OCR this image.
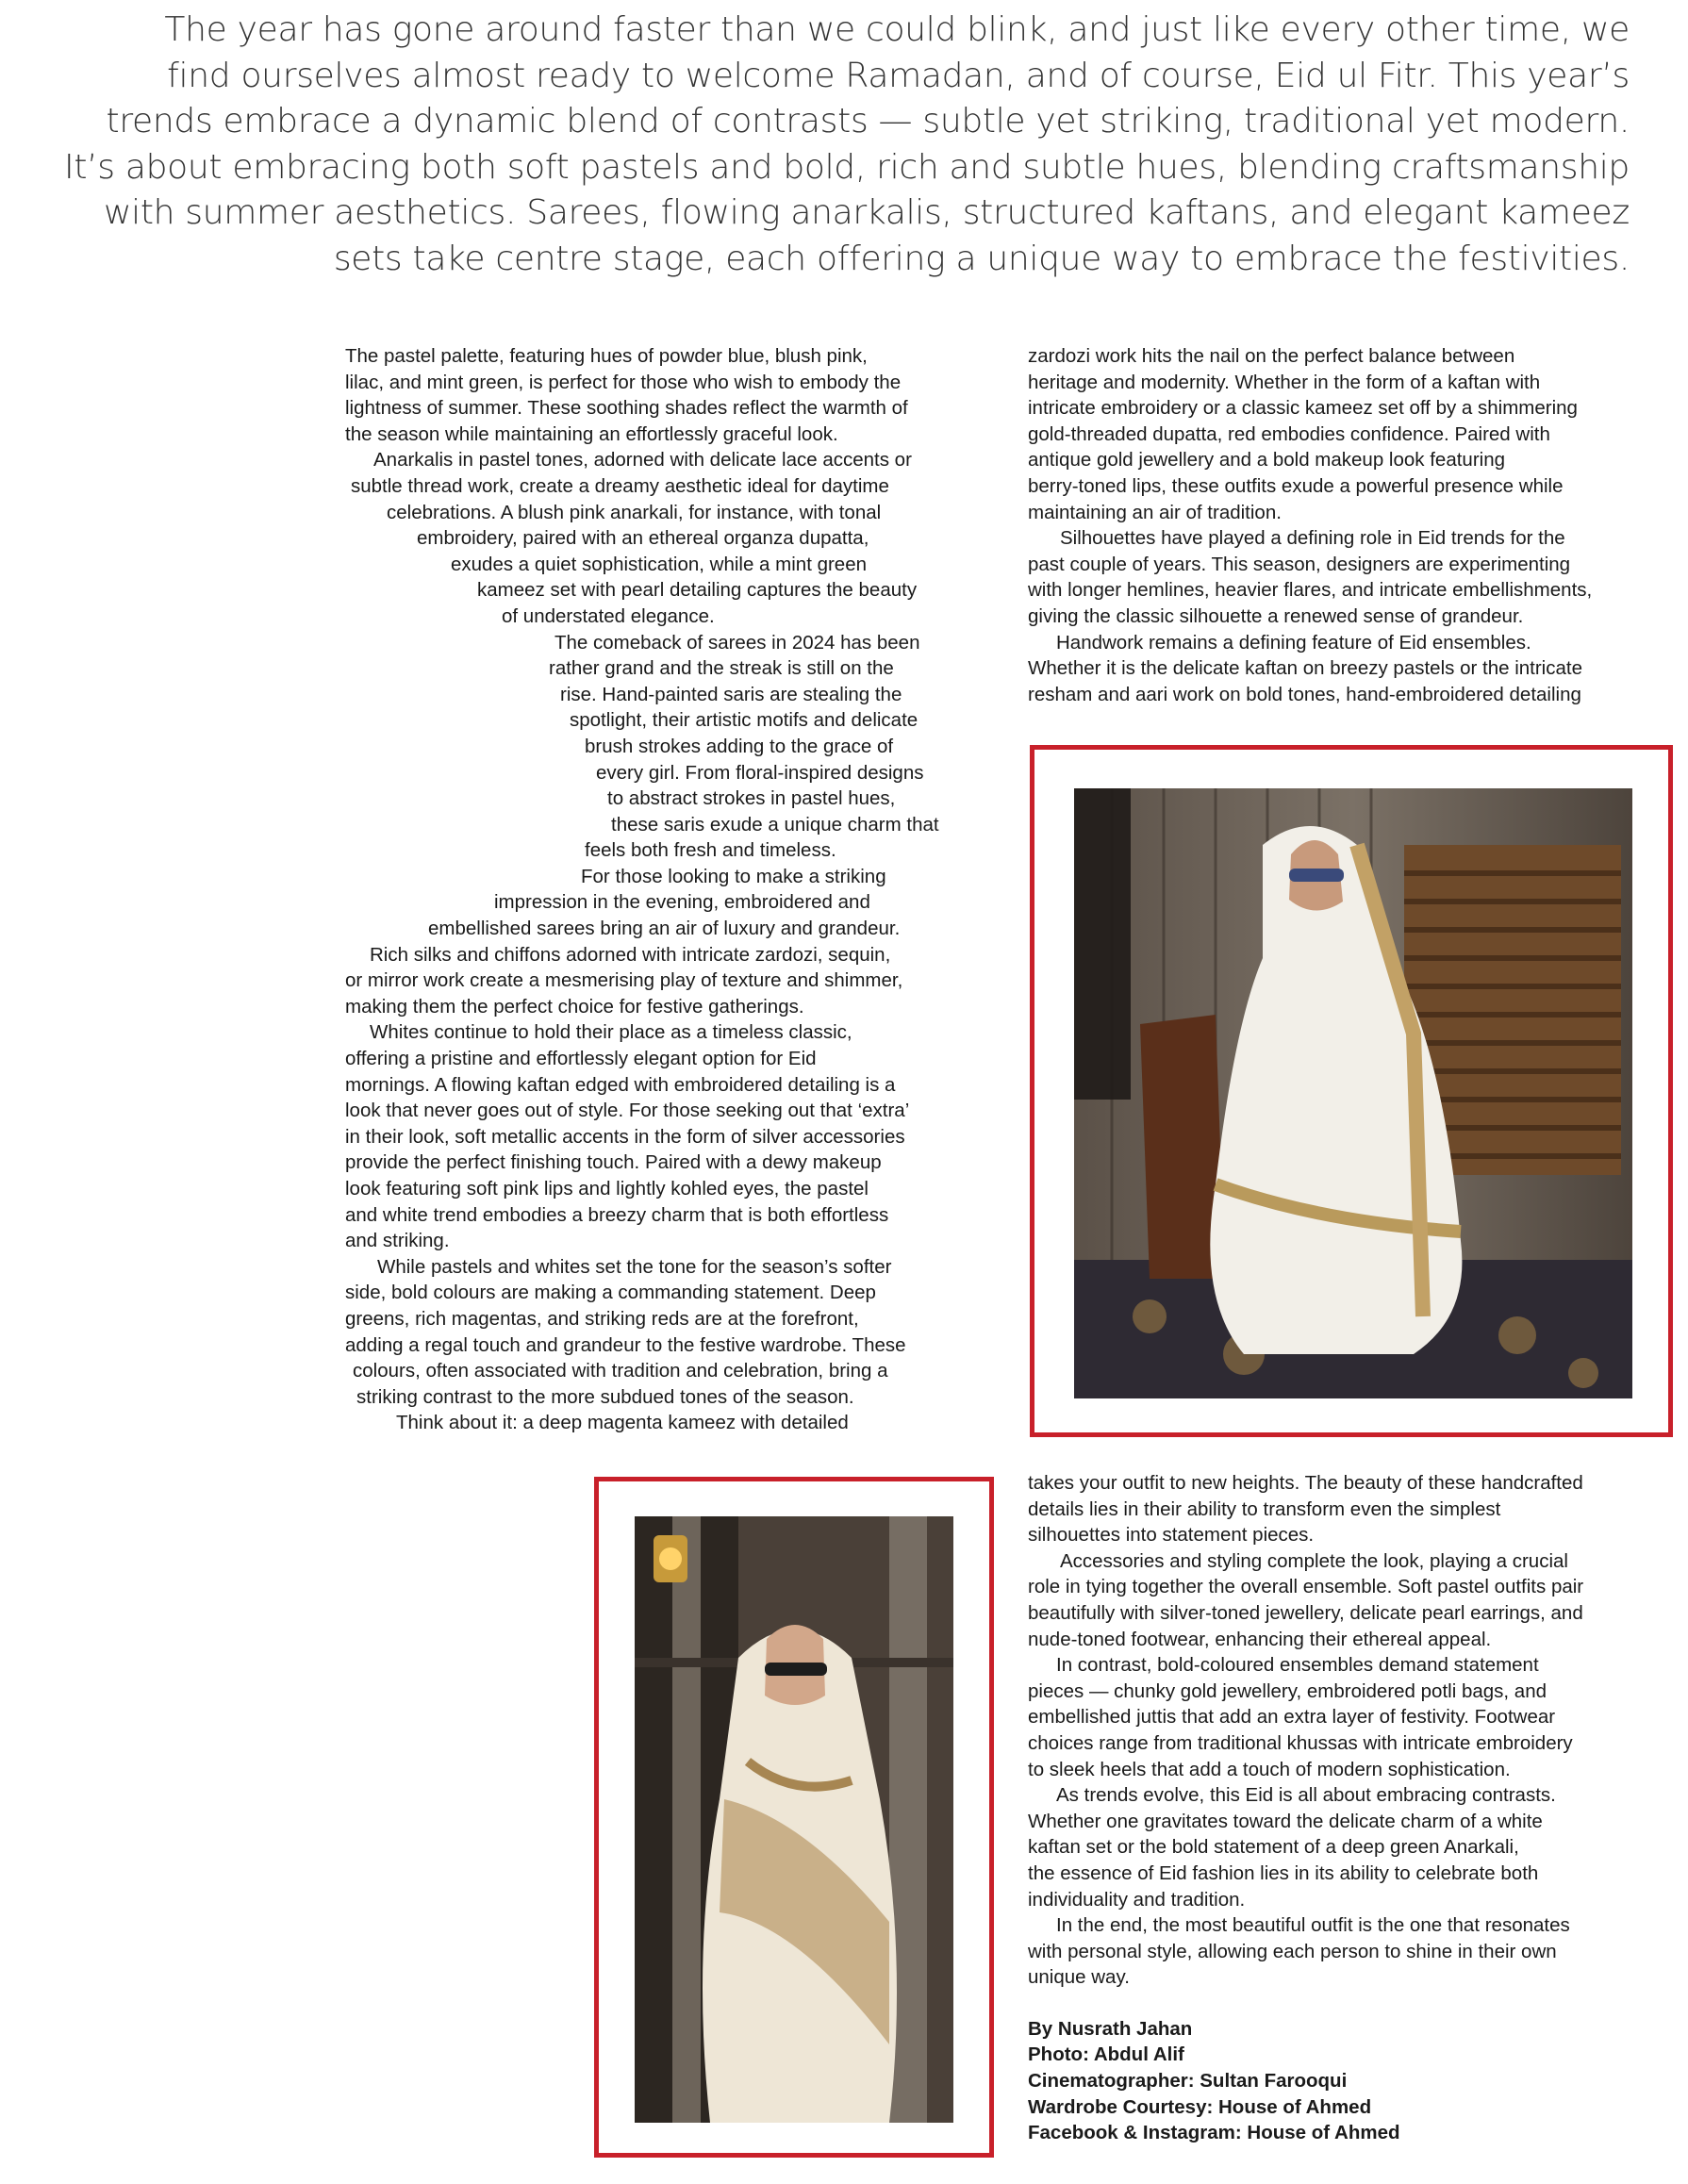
The year has gone around faster than we could blink, and just like every other time, we
find ourselves almost ready to welcome Ramadan, and of course, Eid ul Fitr. This year’s
trends embrace a dynamic blend of contrasts — subtle yet striking, traditional yet modern.
It’s about embracing both soft pastels and bold, rich and subtle hues, blending craftsmanship
with summer aesthetics. Sarees, flowing anarkalis, structured kaftans, and elegant kameez
sets take centre stage, each offering a unique way to embrace the festivities.
The pastel palette, featuring hues of powder blue, blush pink,
lilac, and mint green, is perfect for those who wish to embody the
lightness of summer. These soothing shades reflect the warmth of
the season while maintaining an effortlessly graceful look.
Anarkalis in pastel tones, adorned with delicate lace accents or
subtle thread work, create a dreamy aesthetic ideal for daytime
celebrations. A blush pink anarkali, for instance, with tonal
embroidery, paired with an ethereal organza dupatta,
exudes a quiet sophistication, while a mint green
kameez set with pearl detailing captures the beauty
of understated elegance.
The comeback of sarees in 2024 has been
rather grand and the streak is still on the
rise. Hand-painted saris are stealing the
spotlight, their artistic motifs and delicate
brush strokes adding to the grace of
every girl. From floral-inspired designs
to abstract strokes in pastel hues,
these saris exude a unique charm that
feels both fresh and timeless.
For those looking to make a striking
impression in the evening, embroidered and
embellished sarees bring an air of luxury and grandeur.
Rich silks and chiffons adorned with intricate zardozi, sequin,
or mirror work create a mesmerising play of texture and shimmer,
making them the perfect choice for festive gatherings.
Whites continue to hold their place as a timeless classic,
offering a pristine and effortlessly elegant option for Eid
mornings. A flowing kaftan edged with embroidered detailing is a
look that never goes out of style. For those seeking out that ‘extra’
in their look, soft metallic accents in the form of silver accessories
provide the perfect finishing touch. Paired with a dewy makeup
look featuring soft pink lips and lightly kohled eyes, the pastel
and white trend embodies a breezy charm that is both effortless
and striking.
While pastels and whites set the tone for the season’s softer
side, bold colours are making a commanding statement. Deep
greens, rich magentas, and striking reds are at the forefront,
adding a regal touch and grandeur to the festive wardrobe. These
colours, often associated with tradition and celebration, bring a
striking contrast to the more subdued tones of the season.
Think about it: a deep magenta kameez with detailed
zardozi work hits the nail on the perfect balance between
heritage and modernity. Whether in the form of a kaftan with
intricate embroidery or a classic kameez set off by a shimmering
gold-threaded dupatta, red embodies confidence. Paired with
antique gold jewellery and a bold makeup look featuring
berry-toned lips, these outfits exude a powerful presence while
maintaining an air of tradition.
Silhouettes have played a defining role in Eid trends for the
past couple of years. This season, designers are experimenting
with longer hemlines, heavier flares, and intricate embellishments,
giving the classic silhouette a renewed sense of grandeur.
Handwork remains a defining feature of Eid ensembles.
Whether it is the delicate kaftan on breezy pastels or the intricate
resham and aari work on bold tones, hand-embroidered detailing
takes your outfit to new heights. The beauty of these handcrafted
details lies in their ability to transform even the simplest
silhouettes into statement pieces.
Accessories and styling complete the look, playing a crucial
role in tying together the overall ensemble. Soft pastel outfits pair
beautifully with silver-toned jewellery, delicate pearl earrings, and
nude-toned footwear, enhancing their ethereal appeal.
In contrast, bold-coloured ensembles demand statement
pieces — chunky gold jewellery, embroidered potli bags, and
embellished juttis that add an extra layer of festivity. Footwear
choices range from traditional khussas with intricate embroidery
to sleek heels that add a touch of modern sophistication.
As trends evolve, this Eid is all about embracing contrasts.
Whether one gravitates toward the delicate charm of a white
kaftan set or the bold statement of a deep green Anarkali,
the essence of Eid fashion lies in its ability to celebrate both
individuality and tradition.
In the end, the most beautiful outfit is the one that resonates
with personal style, allowing each person to shine in their own
unique way.
By Nusrath Jahan
Photo: Abdul Alif
Cinematographer: Sultan Farooqui
Wardrobe Courtesy: House of Ahmed
Facebook & Instagram: House of Ahmed
